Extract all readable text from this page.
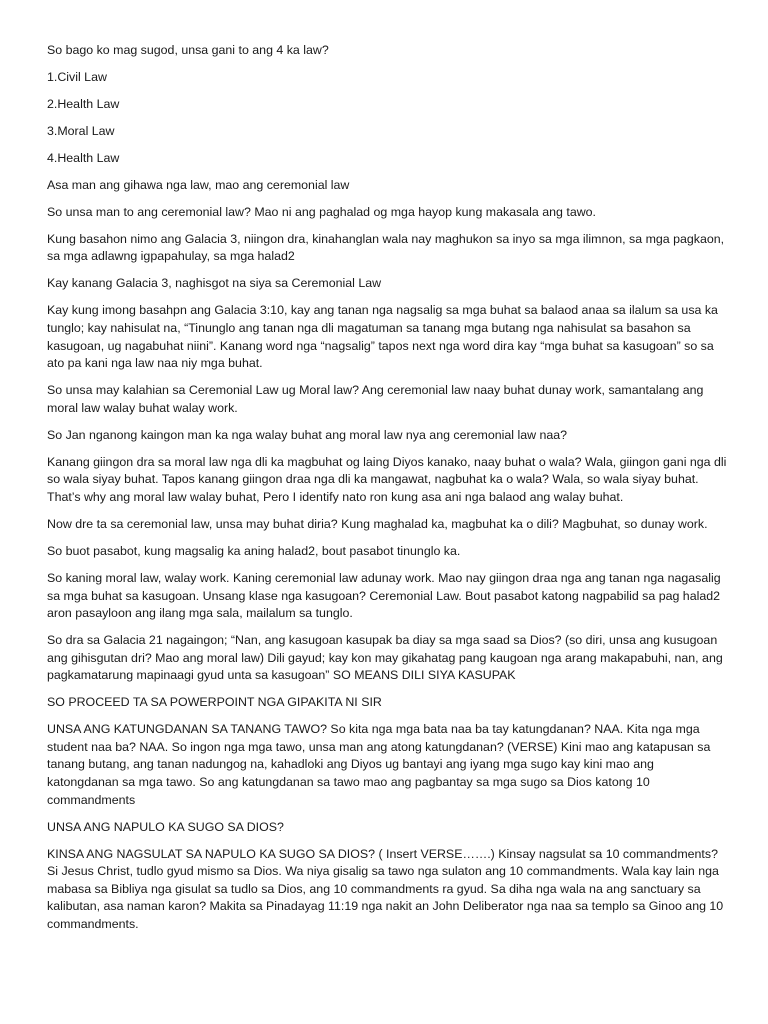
So bago ko mag sugod, unsa gani to ang 4 ka law?

1.Civil Law

2.Health Law

3.Moral Law

4.Health Law

Asa man ang gihawa nga law, mao ang ceremonial law

So unsa man to ang ceremonial law? Mao ni ang paghalad og mga hayop kung makasala ang tawo.

Kung basahon nimo ang Galacia 3, niingon dra, kinahanglan wala nay maghukon sa inyo sa mga ilimnon, sa mga pagkaon, sa mga adlawng igpapahulay, sa mga halad2

Kay kanang Galacia 3, naghisgot na siya sa Ceremonial Law

Kay kung imong basahpn ang Galacia 3:10, kay ang tanan nga nagsalig sa mga buhat sa balaod anaa sa ilalum sa usa ka tunglo; kay nahisulat na, “Tinunglo ang tanan nga dli magatuman sa tanang mga butang nga nahisulat sa basahon sa kasugoan, ug nagabuhat niini”. Kanang word nga “nagsalig” tapos next nga word dira kay “mga buhat sa kasugoan” so sa ato pa kani nga law naa niy mga buhat.

So unsa may kalahian sa Ceremonial Law ug Moral law? Ang ceremonial law naay buhat dunay work, samantalang ang moral law walay buhat walay work.

So Jan nganong kaingon man ka nga walay buhat ang moral law nya ang ceremonial law naa?

Kanang giingon dra sa moral law nga dli ka magbuhat og laing Diyos kanako, naay buhat o wala? Wala, giingon gani nga dli so wala siyay buhat. Tapos kanang giingon draa nga dli ka mangawat, nagbuhat ka o wala? Wala, so wala siyay buhat. That’s why ang moral law walay buhat, Pero I identify nato ron kung asa ani nga balaod ang walay buhat.

Now dre ta sa ceremonial law, unsa may buhat diria? Kung maghalad ka, magbuhat ka o dili? Magbuhat, so dunay work.

So buot pasabot, kung magsalig ka aning halad2, bout pasabot tinunglo ka.

So kaning moral law, walay work. Kaning ceremonial law adunay work. Mao nay giingon draa nga ang tanan nga nagasalig sa mga buhat sa kasugoan. Unsang klase nga kasugoan? Ceremonial Law. Bout pasabot katong nagpabilid sa pag halad2 aron pasayloon ang ilang mga sala, mailalum sa tunglo.

So dra sa Galacia 21 nagaingon; “Nan, ang kasugoan kasupak ba diay sa mga saad sa Dios? (so diri, unsa ang kusugoan ang gihisgutan dri? Mao ang moral law) Dili gayud; kay kon may gikahatag pang kaugoan nga arang makapabuhi, nan, ang pagkamatarung mapinaagi gyud unta sa kasugoan” SO MEANS DILI SIYA KASUPAK

SO PROCEED TA SA POWERPOINT NGA GIPAKITA NI SIR

UNSA ANG KATUNGDANAN SA TANANG TAWO? So kita nga mga bata naa ba tay katungdanan? NAA. Kita nga mga student naa ba? NAA. So ingon nga mga tawo, unsa man ang atong katungdanan? (VERSE) Kini mao ang katapusan sa tanang butang, ang tanan nadungog na, kahadloki ang Diyos ug bantayi ang iyang mga sugo kay kini mao ang katongdanan sa mga tawo. So ang katungdanan sa tawo mao ang pagbantay sa mga sugo sa Dios katong 10 commandments

UNSA ANG NAPULO KA SUGO SA DIOS?

KINSA ANG NAGSULAT SA NAPULO KA SUGO SA DIOS? ( Insert VERSE…….) Kinsay nagsulat sa 10 commandments? Si Jesus Christ, tudlo gyud mismo sa Dios. Wa niya gisalig sa tawo nga sulaton ang 10 commandments. Wala kay lain nga mabasa sa Bibliya nga gisulat sa tudlo sa Dios, ang 10 commandments ra gyud. Sa diha nga wala na ang sanctuary sa kalibutan, asa naman karon? Makita sa Pinadayag 11:19 nga nakit an John Deliberator nga naa sa templo sa Ginoo ang 10 commandments.
